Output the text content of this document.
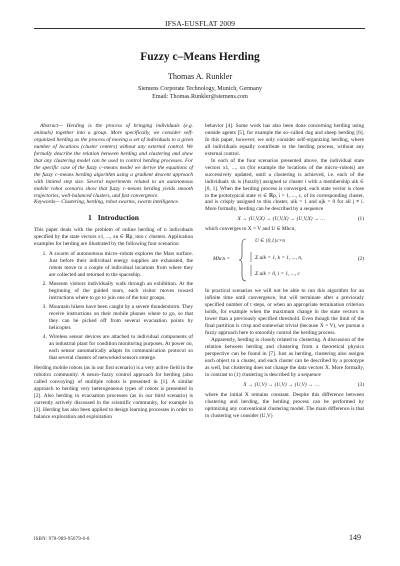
IFSA-EUSFLAT 2009
Fuzzy c–Means Herding
Thomas A. Runkler
Siemens Corporate Technology, Munich, Germany
Email: Thomas.Runkler@siemens.com

Abstract— Herding is the process of bringing individuals (e.g. animals) together into a group. More specifically, we consider self-organized herding as the process of moving a set of individuals to a given number of locations (cluster centers) without any external control. We formally describe the relation between herding and clustering and show that any clustering model can be used to control herding processes. For the specific case of the fuzzy c–means model we derive the equations of the fuzzy c–means herding algorithm using a gradient descent approach with limited step size. Several experiments related to an autonomous mobile robot scenario show that fuzzy c–means herding yields smooth trajectories, well-balanced clusters, and fast convergence.

Keywords— Clustering, herding, robot swarms, swarm intelligence.

1 Introduction

This paper deals with the problem of online herding of n individuals specified by the state vectors x1, ..., xn ∈ ℝp, into c clusters. Application examples for herding are illustrated by the following four scenarios:

1. A swarm of autonomous micro–robots explores the Mars surface. Just before their individual energy supplies are exhausted, the robots move to a couple of individual locations from where they are collected and returned to the spaceship.
2. Museum visitors individually walk through an exhibition. At the beginning of the guided tours, each visitor moves toward instructions where to go to join one of the tour groups.
3. Mountain hikers have been caught by a severe thunderstorm. They receive instructions on their mobile phones where to go, so that they can be picked off from several evacuation points by helicopter.
4. Wireless sensor devices are attached to individual components of an industrial plant for condition monitoring purposes. At power on, each sensor automatically adapts its communication protocol so that several clusters of networked sensors emerge.

Herding mobile robots (as in our first scenario) is a very active field in the robotics community. A neuro–fuzzy control approach for herding (also called convoying) of multiple robots is presented in [1]. A similar approach to herding very heterogeneous types of robots is presented in [2]. Also herding in evacuation processes (as in our third scenario) is currently actively discussed in the scientific community, for example in [3]. Herding has also been applied to design learning processes in order to balance exploration and exploitation

behavior [4]. Some work has also been done concerning herding using outside agents [5], for example the so–called dog and sheep herding [6]. In this paper, however, we only consider self-organizing herding, where all individuals equally contribute to the herding process, without any external control.

In each of the four scenarios presented above, the individual state vectors x1, ..., xn (for example the locations of the micro–robots) are successively updated, until a clustering is achieved, i.e. each of the individuals xk is (fuzzily) assigned to cluster i with a membership uik ∈ [0, 1]. When the herding process is converged, each state vector is close to the prototypical state vi ∈ ℝp, i = 1, ..., c, of its corresponding cluster, and is crisply assigned to this cluster, uik = 1 and ujk = 0 for all j ≠ i. More formally, herding can be described by a sequence

X → (U,V,X) → (U,V,X) → (U,V,X) → …	(1)

which converges to X = V and U ∈ Mhcn,

Mhcn =
U ∈ {0,1}c×n
Σ uik = 1, k = 1, ..., n,
Σ uik > 0, i = 1, ..., c
(2)

In practical scenarios we will not be able to run this algorithm for an infinite time until convergence, but will terminate after a previously specified number of t steps, or when an appropriate termination criterion holds, for example when the maximum change in the state vectors is lower than a previously specified threshold. Even though the limit of the final partition is crisp and somewhat trivial (because X = V), we pursue a fuzzy approach here to smoothly control the herding process.

Apparently, herding is closely related to clustering. A discussion of the relation between herding and clustering from a theoretical physics perspective can be found in [7]. Just as herding, clustering also assigns each object to a cluster, and each cluster can be described by a prototype as well, but clustering does not change the data vectors X. More formally, in contrast to (1) clustering is described by a sequence

X → (U,V) → (U,V) → (U,V) → …	(3)

where the initial X remains constant. Despite this difference between clustering and herding, the herding process can be performed by optimizing any conventional clustering model. The main difference is that in clustering we consider (U,V)

ISBN: 978-989-95079-6-8	149
